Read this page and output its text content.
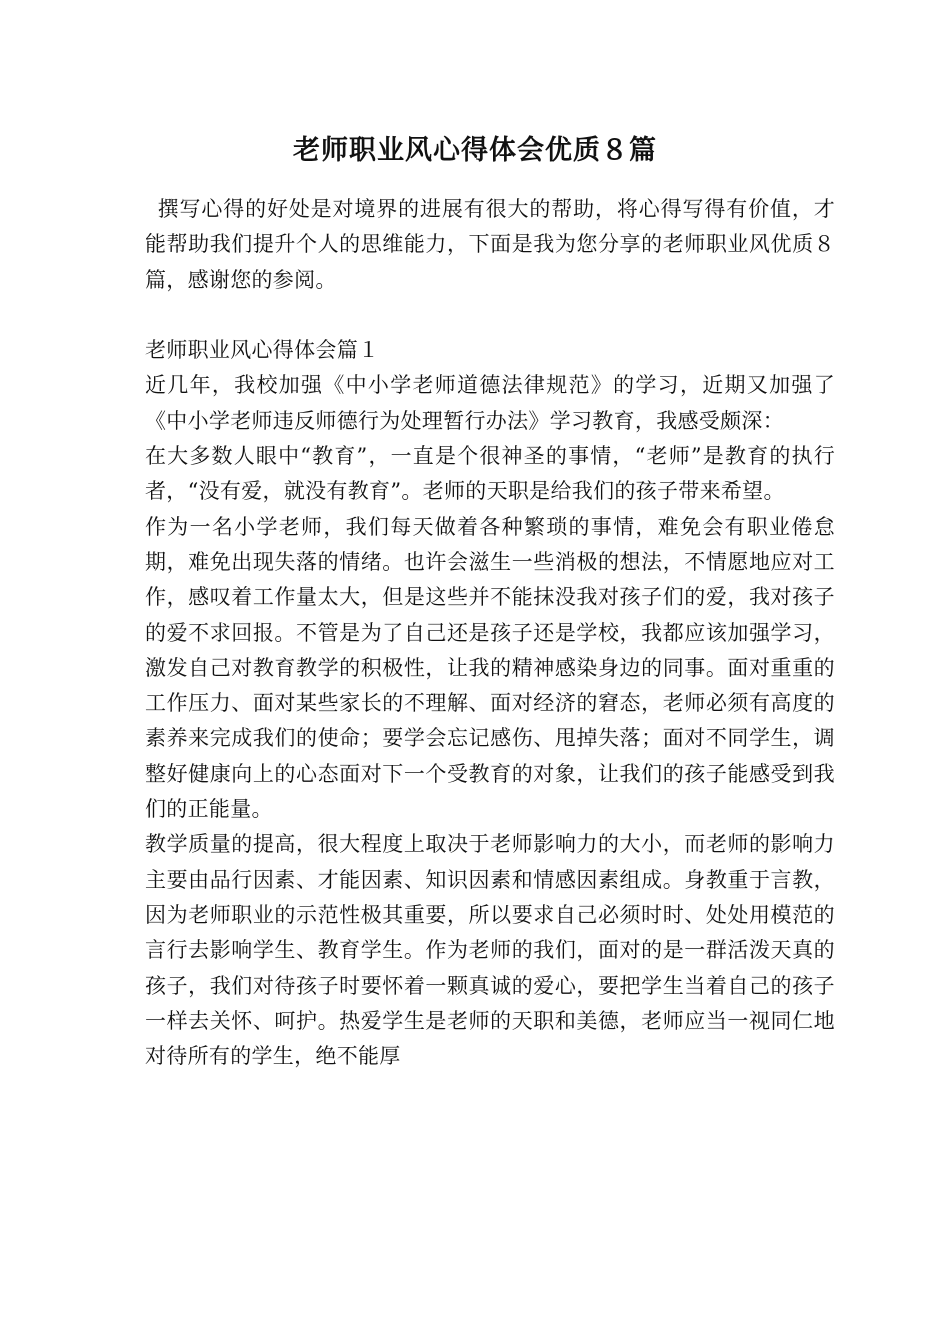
老师职业风心得体会优质８篇

撰写心得的好处是对境界的进展有很大的帮助，将心得写得有价值，才能帮助我们提升个人的思维能力，下面是我为您分享的老师职业风优质８篇，感谢您的参阅。

老师职业风心得体会篇１

近几年，我校加强《中小学老师道德法律规范》的学习，近期又加强了《中小学老师违反师德行为处理暂行办法》学习教育，我感受颇深：

在大多数人眼中“教育”，一直是个很神圣的事情，“老师”是教育的执行者，“没有爱，就没有教育”。老师的天职是给我们的孩子带来希望。

作为一名小学老师，我们每天做着各种繁琐的事情，难免会有职业倦怠期，难免出现失落的情绪。也许会滋生一些消极的想法，不情愿地应对工作，感叹着工作量太大，但是这些并不能抹没我对孩子们的爱，我对孩子的爱不求回报。不管是为了自己还是孩子还是学校，我都应该加强学习，激发自己对教育教学的积极性，让我的精神感染身边的同事。面对重重的工作压力、面对某些家长的不理解、面对经济的窘态，老师必须有高度的素养来完成我们的使命；要学会忘记感伤、甩掉失落；面对不同学生，调整好健康向上的心态面对下一个受教育的对象，让我们的孩子能感受到我们的正能量。

教学质量的提高，很大程度上取决于老师影响力的大小，而老师的影响力主要由品行因素、才能因素、知识因素和情感因素组成。身教重于言教，因为老师职业的示范性极其重要，所以要求自己必须时时、处处用模范的言行去影响学生、教育学生。作为老师的我们，面对的是一群活泼天真的孩子，我们对待孩子时要怀着一颗真诚的爱心，要把学生当着自己的孩子一样去关怀、呵护。热爱学生是老师的天职和美德，老师应当一视同仁地对待所有的学生，绝不能厚
